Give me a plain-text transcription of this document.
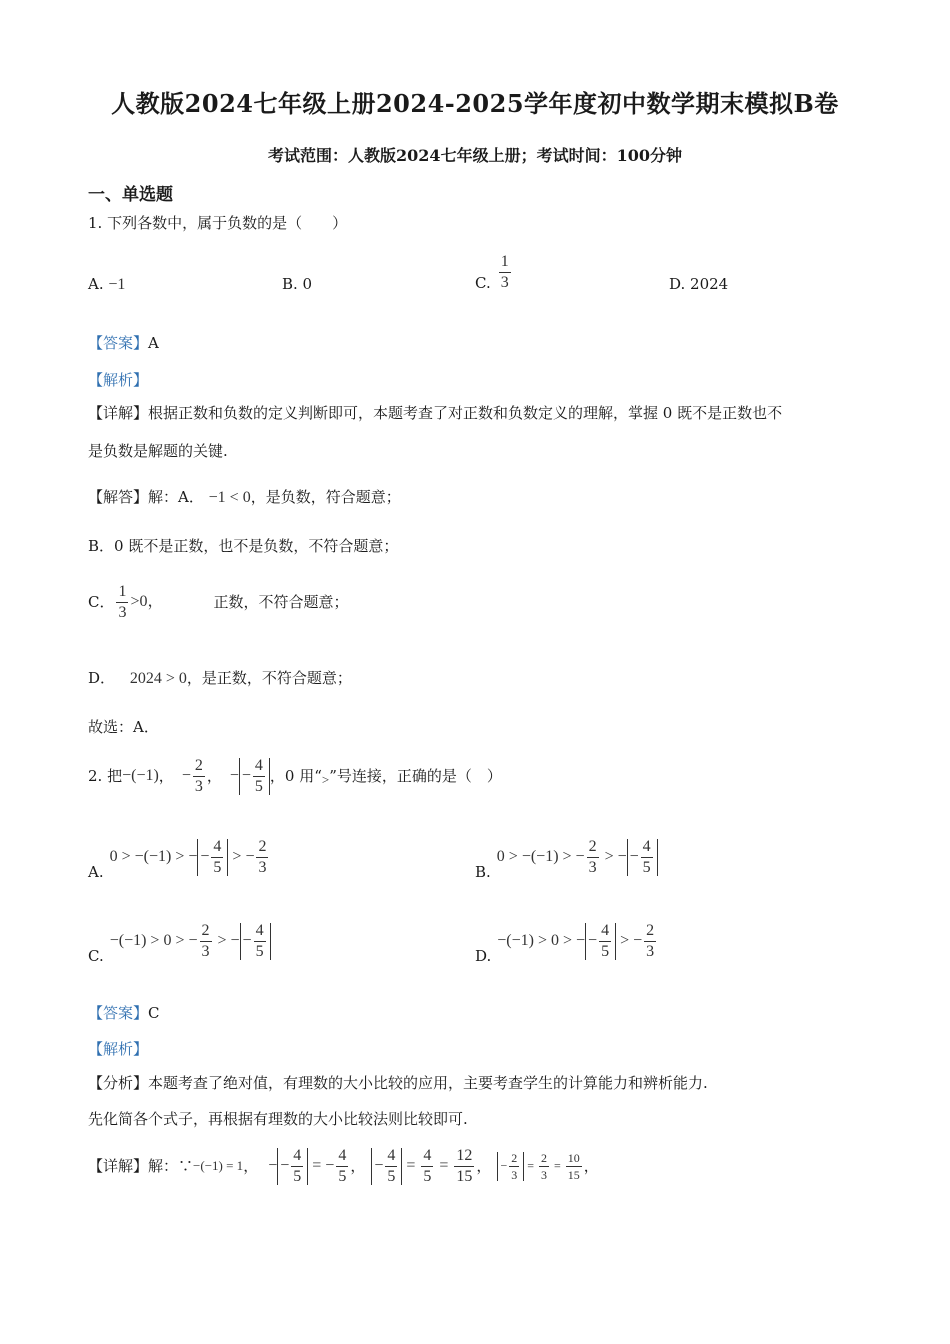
人教版2024七年级上册2024-2025学年度初中数学期末模拟B卷
考试范围：人教版2024七年级上册；考试时间：100分钟
一、单选题
1. 下列各数中，属于负数的是（　　）
A. −1	B. 0	C. $\frac{1}{3}$	D. 2024
【答案】A
【解析】
【详解】根据正数和负数的定义判断即可，本题考查了对正数和负数定义的理解，掌握 0 既不是正数也不
是负数是解题的关键.
【解答】解：A． −1 < 0，是负数，符合题意；
B．0 既不是正数，也不是负数，不符合题意；
C． $\frac{1}{3} >0$，	正数，不符合题意；
D． 2024 > 0，是正数，不符合题意；
故选：A．
2. 把 −(−1) ， − $\frac{2}{3}$ ， − − $\frac{4}{5}$ ，0 用“ > ”号连接，正确的是（　）
A.
0 > −(−1) > − − $\frac{4}{5}$ > − $\frac{2}{3}$	B.
0 > −(−1) > − $\frac{2}{3}$ > − − $\frac{4}{5}$
C.
−(−1) > 0 > − $\frac{2}{3}$ > − − $\frac{4}{5}$	D.
−(−1) > 0 > − − $\frac{4}{5}$ > − $\frac{2}{3}$
【答案】C
【解析】
【分析】本题考查了绝对值，有理数的大小比较的应用，主要考查学生的计算能力和辨析能力.
先化简各个式子，再根据有理数的大小比较法则比较即可.
【详解】 解：∵ −(−1) = 1 ， − − $\frac{4}{5}$ = − $\frac{4}{5}$ ， − $\frac{4}{5} = \frac{4}{5} = \frac{12}{15}$ ， − $\frac{2}{3} = \frac{2}{3} = \frac{10}{15}$ ，
